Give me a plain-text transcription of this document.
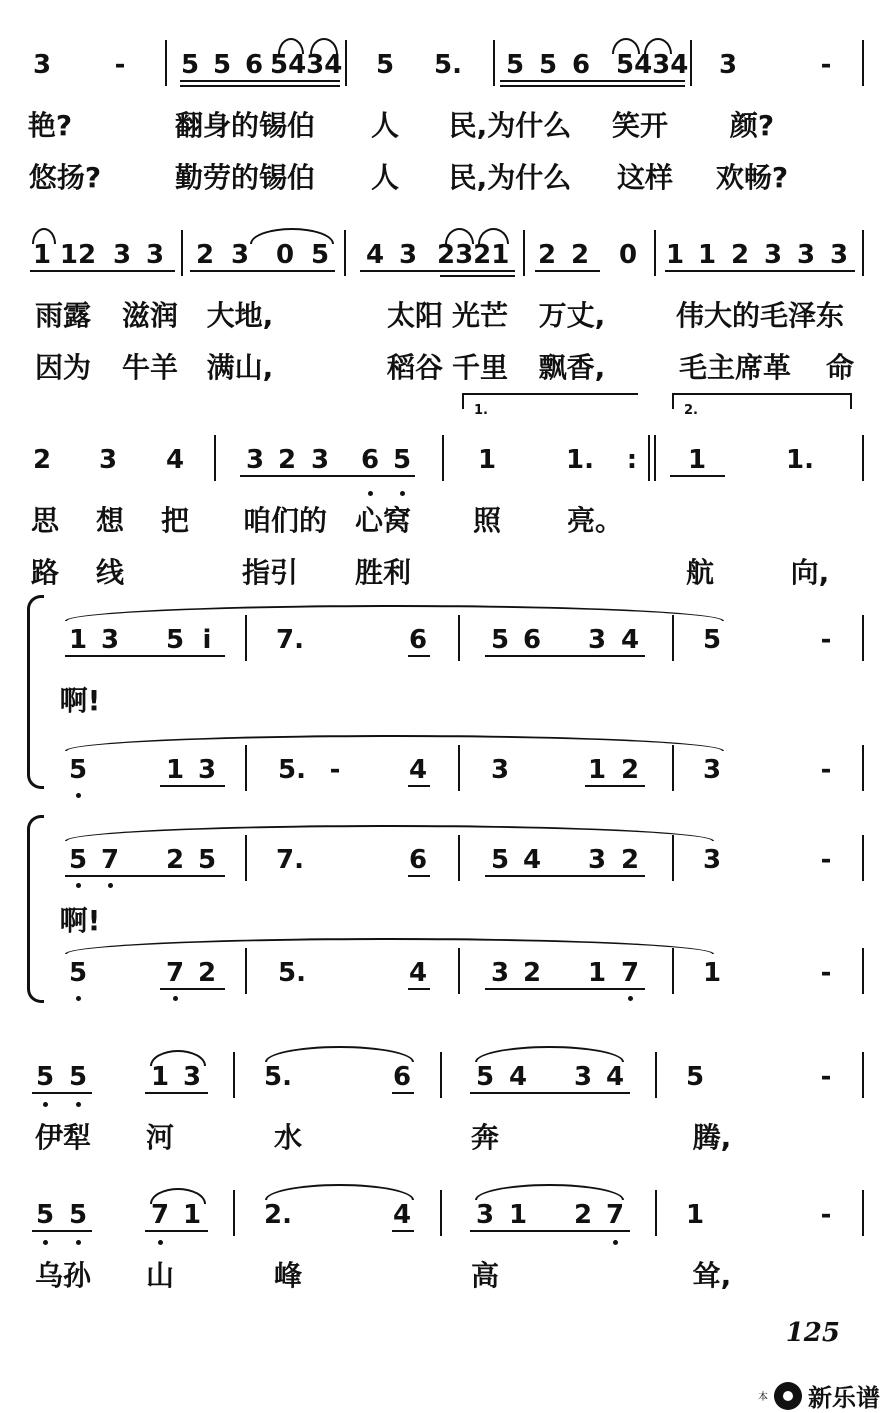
3	-	5 5 6 5434	5	5.	5 5 6 5434	3	-
艳?	翻身的锡伯 人	民,为什么	笑开 颜?
悠扬?	勤劳的锡伯 人	民,为什么	这样	欢畅?
1 12 3 3	2 3	0 5	4 3 2321	2 2	0	1 1 2 3 3 3
雨露 滋润	大地,	太阳 光芒	万丈,	伟大的毛泽东
因为 牛羊	满山,	稻谷 千里	飘香,	毛主席革 命
1.	2.
2	3	4	3 2 3	6 5	1	1.	:	1	1.
思 想 把 咱们的 心窝 照 亮。
路 线	指引 胜利	航	向,
1 3	5 i	7.	6	5 6	3 4	5	-
啊!
5	1 3	5. -	4	3	1 2	3	-
5 7	2 5	7.	6	5 4	3 2	3	-
啊!
5	7 2	5.	4	3 2	1 7	1	-
5 5	1 3	5.	6	5 4	3 4	5	-
伊犁 河	水	奔	腾,
5 5	7 1	2.	4	3 1	2 7	1	-
乌孙 山	峰	高	耸,
125
本 新乐谱
